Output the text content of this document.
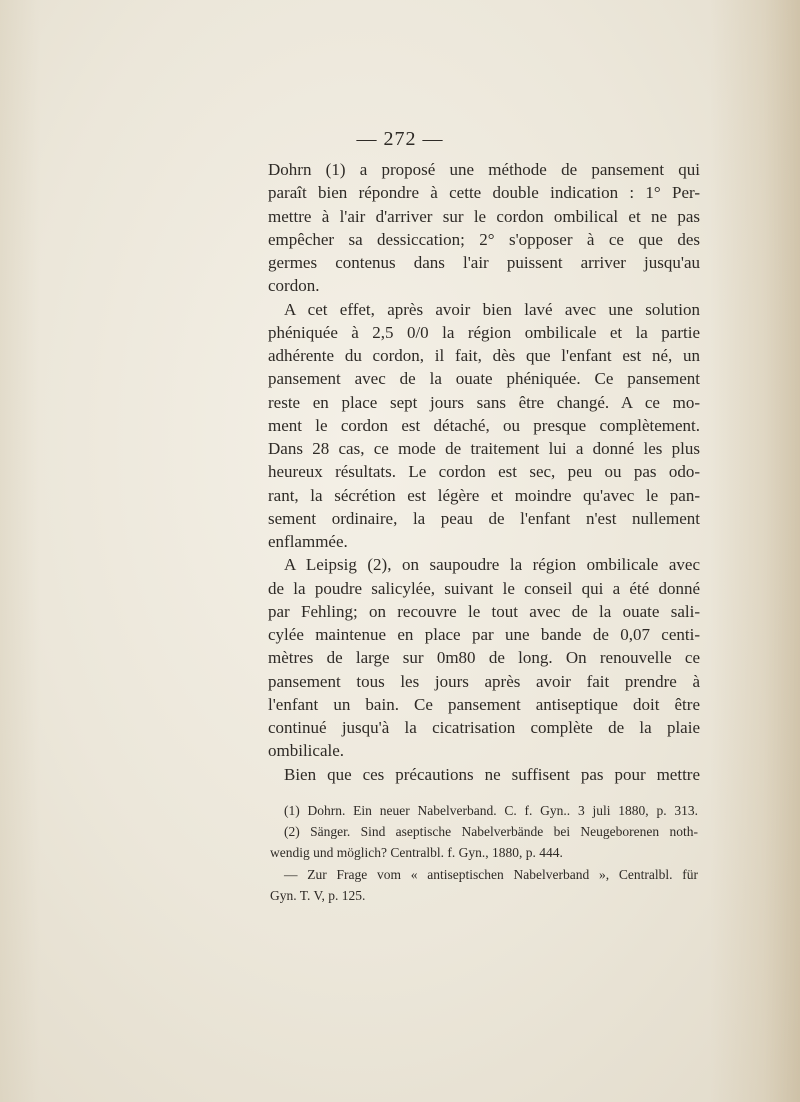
— 272 —
Dohrn (1) a proposé une méthode de pansement qui
paraît bien répondre à cette double indication : 1° Per-
mettre à l'air d'arriver sur le cordon ombilical et ne pas
empêcher sa dessiccation; 2° s'opposer à ce que des
germes contenus dans l'air puissent arriver jusqu'au
cordon.
A cet effet, après avoir bien lavé avec une solution
phéniquée à 2,5 0/0 la région ombilicale et la partie
adhérente du cordon, il fait, dès que l'enfant est né, un
pansement avec de la ouate phéniquée. Ce pansement
reste en place sept jours sans être changé. A ce mo-
ment le cordon est détaché, ou presque complètement.
Dans 28 cas, ce mode de traitement lui a donné les plus
heureux résultats. Le cordon est sec, peu ou pas odo-
rant, la sécrétion est légère et moindre qu'avec le pan-
sement ordinaire, la peau de l'enfant n'est nullement
enflammée.
A Leipsig (2), on saupoudre la région ombilicale avec
de la poudre salicylée, suivant le conseil qui a été donné
par Fehling; on recouvre le tout avec de la ouate sali-
cylée maintenue en place par une bande de 0,07 centi-
mètres de large sur 0m80 de long. On renouvelle ce
pansement tous les jours après avoir fait prendre à
l'enfant un bain. Ce pansement antiseptique doit être
continué jusqu'à la cicatrisation complète de la plaie
ombilicale.
Bien que ces précautions ne suffisent pas pour mettre
(1) Dohrn. Ein neuer Nabelverband. C. f. Gyn.. 3 juli 1880, p. 313.
(2) Sänger. Sind aseptische Nabelverbände bei Neugeborenen noth-
wendig und möglich? Centralbl. f. Gyn., 1880, p. 444.
— Zur Frage vom « antiseptischen Nabelverband », Centralbl. für
Gyn. T. V, p. 125.
